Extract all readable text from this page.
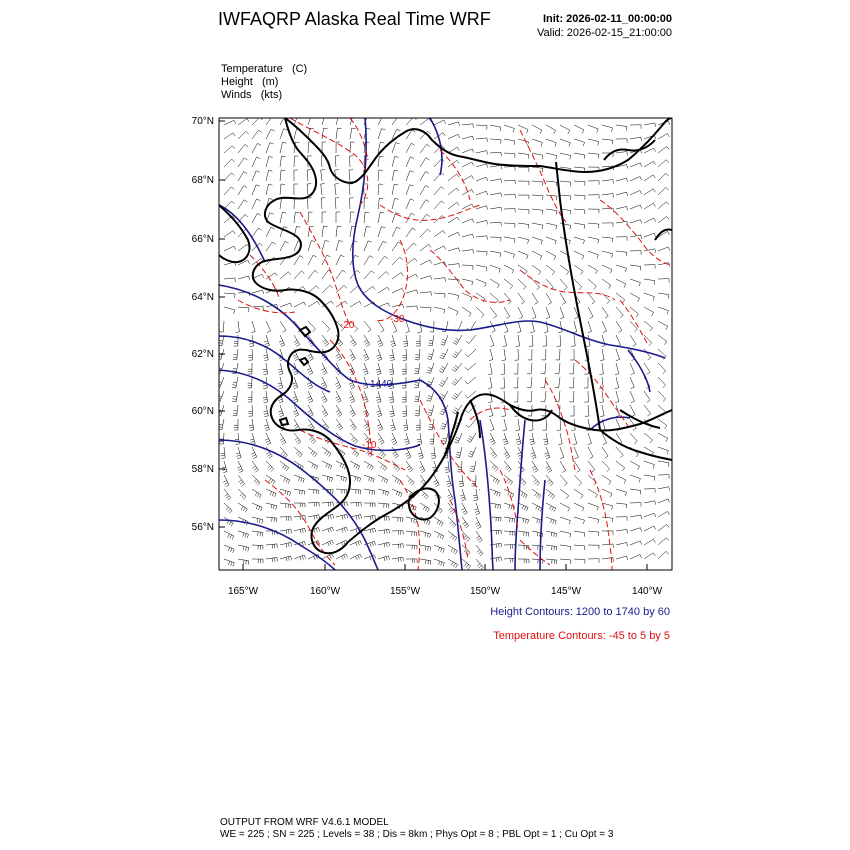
IWFAQRP Alaska Real Time WRF	Init: 2026-02-11_00:00:00
Valid: 2026-02-15_21:00:00
Temperature (C)
Height (m)
Winds (kts)
-20
-30
1440
-10
70°N
68°N
66°N
64°N
62°N
60°N
58°N
56°N
165°W	160°W	155°W	150°W	145°W	140°W
Height Contours: 1200 to 1740 by 60
Temperature Contours: -45 to 5 by 5
OUTPUT FROM WRF V4.6.1 MODEL
WE = 225 ; SN = 225 ; Levels = 38 ; Dis = 8km ; Phys Opt = 8 ; PBL Opt = 1 ; Cu Opt = 3
